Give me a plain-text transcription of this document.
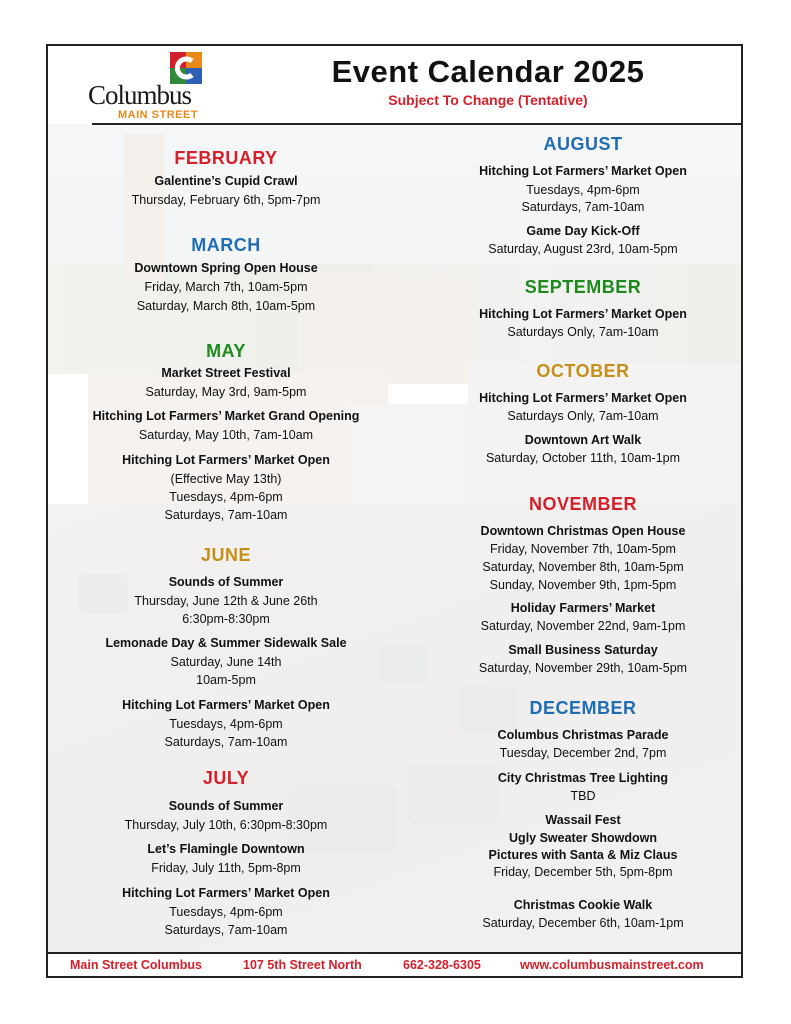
Columbus
MAIN STREET
Event Calendar 2025
Subject To Change (Tentative)
FEBRUARY
Galentine’s Cupid Crawl
Thursday, February 6th, 5pm-7pm
MARCH
Downtown Spring Open House
Friday, March 7th, 10am-5pm
Saturday, March 8th, 10am-5pm
MAY
Market Street Festival
Saturday, May 3rd, 9am-5pm
Hitching Lot Farmers’ Market Grand Opening
Saturday, May 10th, 7am-10am
Hitching Lot Farmers’ Market Open
(Effective May 13th)
Tuesdays, 4pm-6pm
Saturdays, 7am-10am
JUNE
Sounds of Summer
Thursday, June 12th & June 26th
6:30pm-8:30pm
Lemonade Day & Summer Sidewalk Sale
Saturday, June 14th
10am-5pm
Hitching Lot Farmers’ Market Open
Tuesdays, 4pm-6pm
Saturdays, 7am-10am
JULY
Sounds of Summer
Thursday, July 10th, 6:30pm-8:30pm
Let’s Flamingle Downtown
Friday, July 11th, 5pm-8pm
Hitching Lot Farmers’ Market Open
Tuesdays, 4pm-6pm
Saturdays, 7am-10am
AUGUST
Hitching Lot Farmers’ Market Open
Tuesdays, 4pm-6pm
Saturdays, 7am-10am
Game Day Kick-Off
Saturday, August 23rd, 10am-5pm
SEPTEMBER
Hitching Lot Farmers’ Market Open
Saturdays Only, 7am-10am
OCTOBER
Hitching Lot Farmers’ Market Open
Saturdays Only, 7am-10am
Downtown Art Walk
Saturday, October 11th, 10am-1pm
NOVEMBER
Downtown Christmas Open House
Friday, November 7th, 10am-5pm
Saturday, November 8th, 10am-5pm
Sunday, November 9th, 1pm-5pm
Holiday Farmers’ Market
Saturday, November 22nd, 9am-1pm
Small Business Saturday
Saturday, November 29th, 10am-5pm
DECEMBER
Columbus Christmas Parade
Tuesday, December 2nd, 7pm
City Christmas Tree Lighting
TBD
Wassail Fest
Ugly Sweater Showdown
Pictures with Santa & Miz Claus
Friday, December 5th, 5pm-8pm
Christmas Cookie Walk
Saturday, December 6th, 10am-1pm
Main Street Columbus	107 5th Street North	662-328-6305	www.columbusmainstreet.com
